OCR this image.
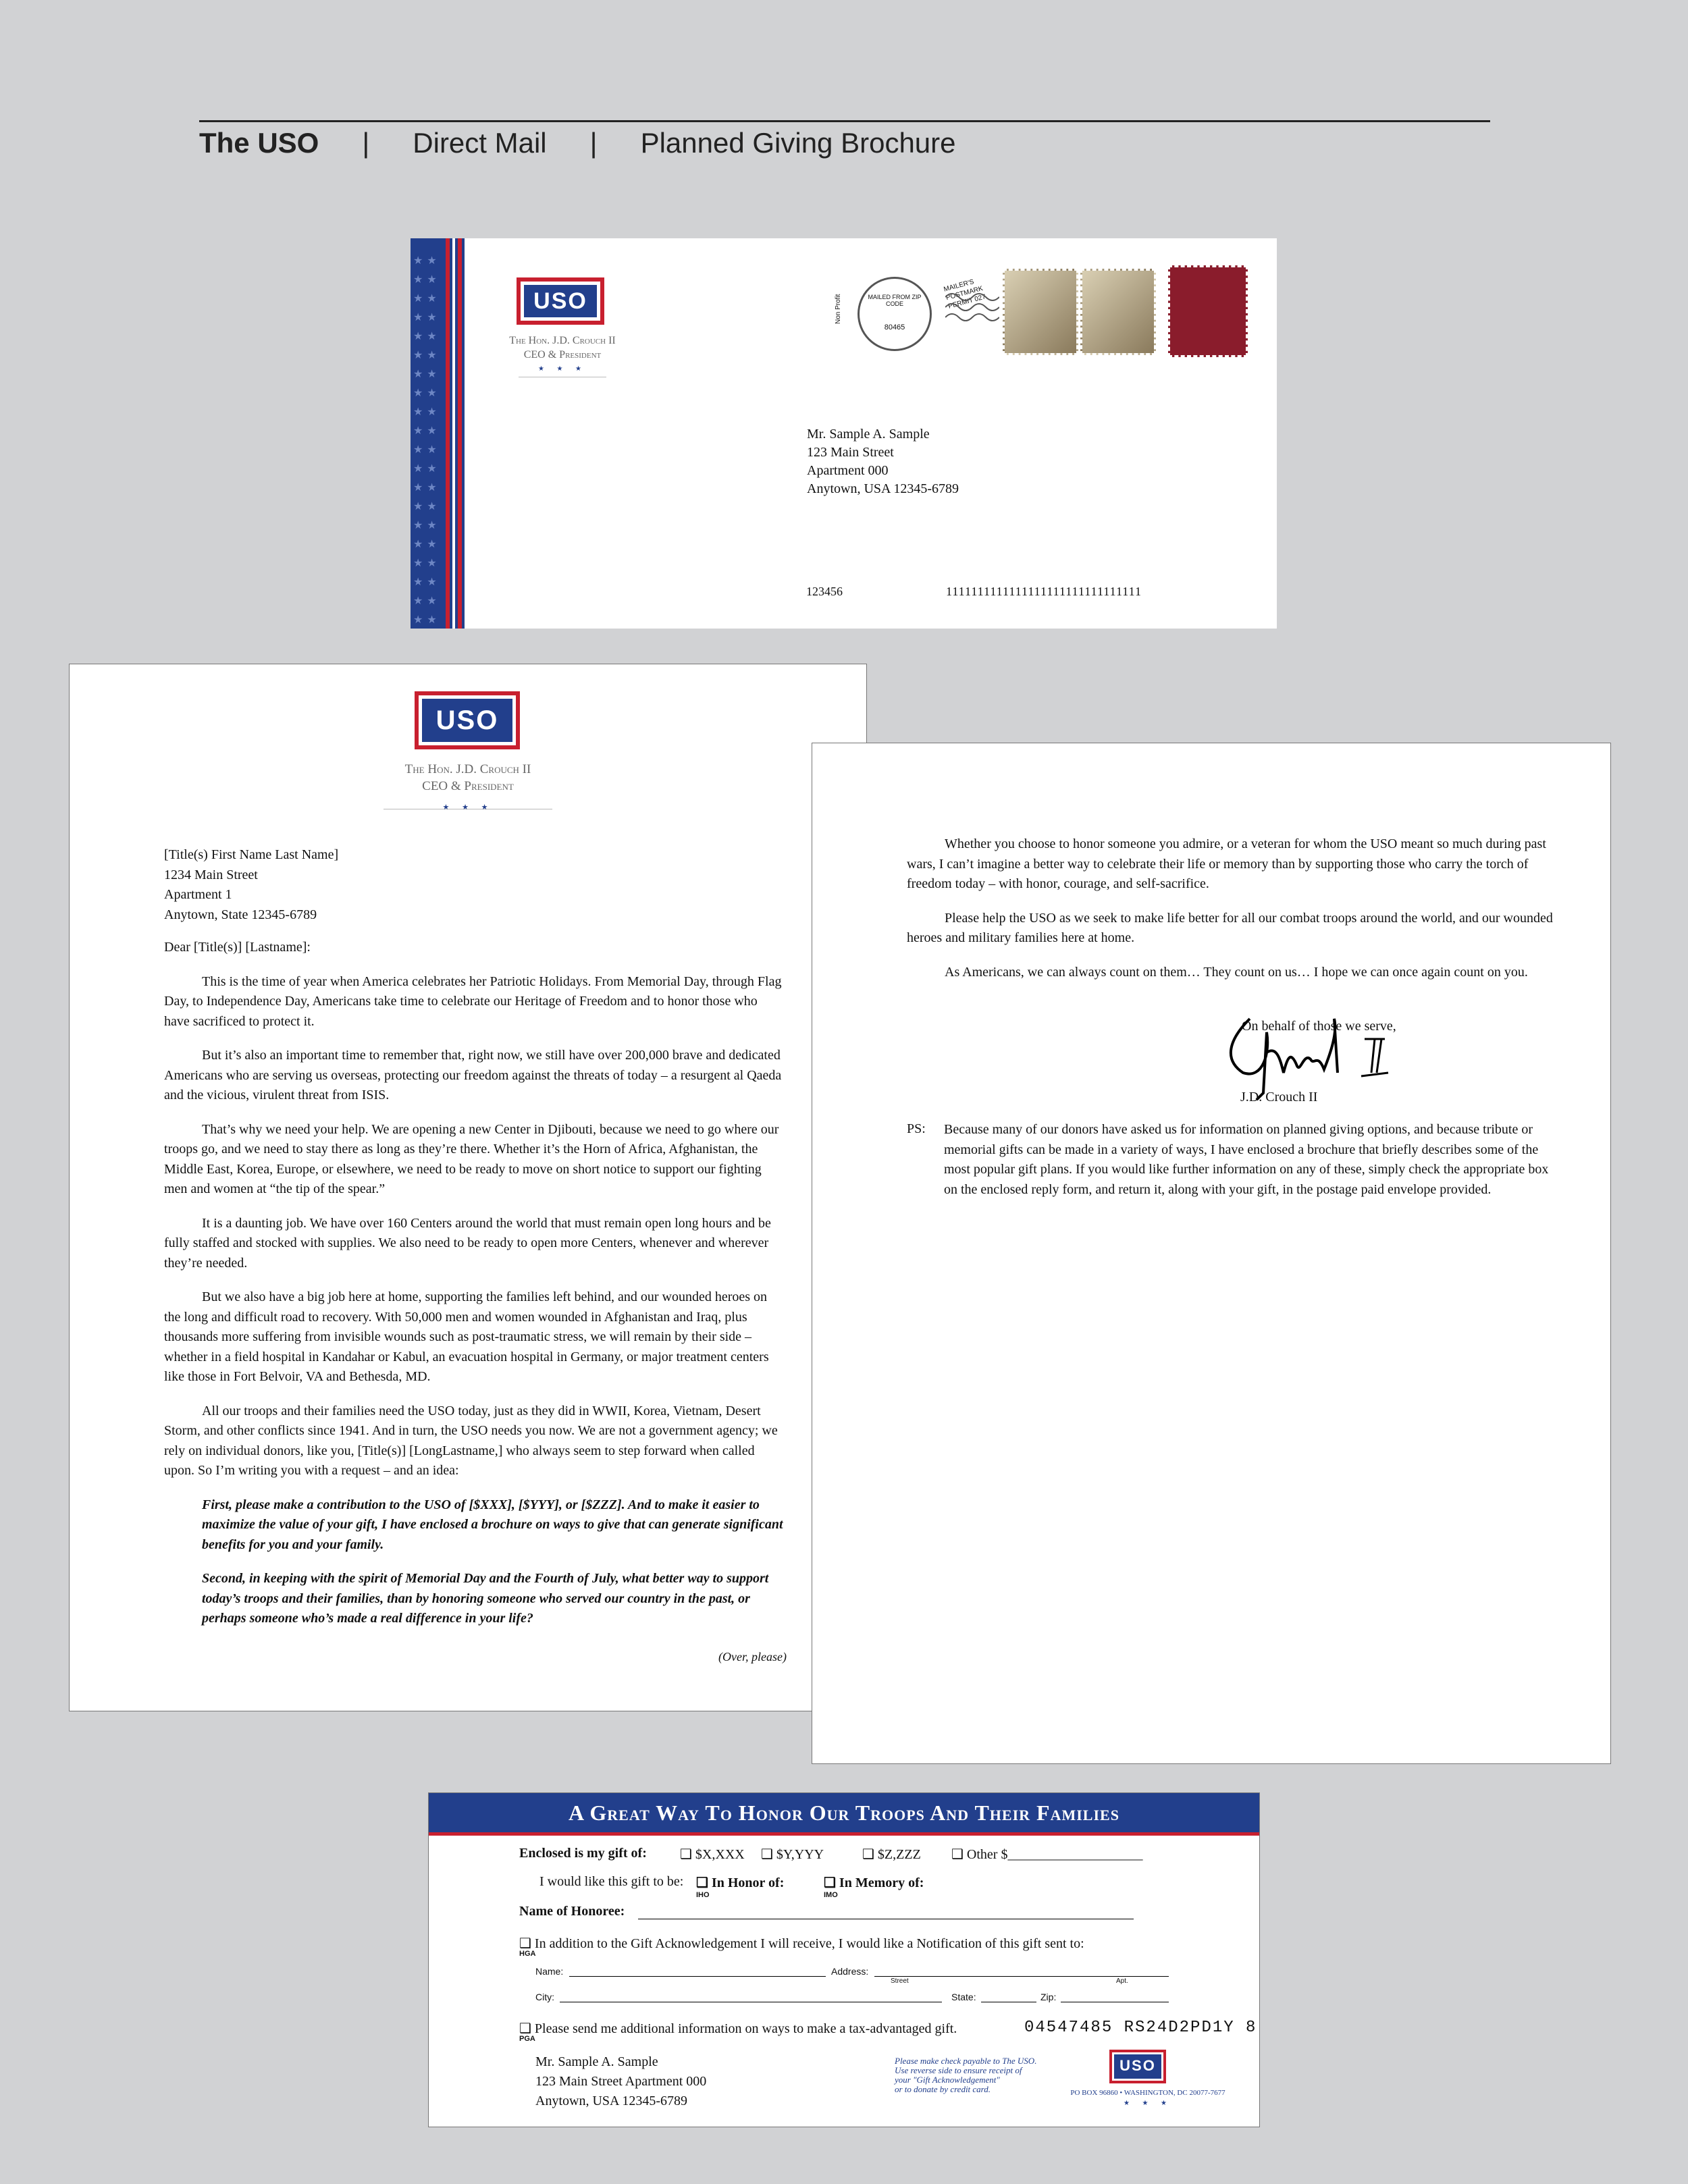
The USO | Direct Mail | Planned Giving Brochure
★★★★★★★★★★★★★★★★★★★★★★★★★★★★★★★★★★★★★★★★
USO
The Hon. J.D. Crouch II
CEO & President
★ ★ ★
Mr. Sample A. Sample
123 Main Street
Apartment 000
Anytown, USA 12345-6789
123456	1111111111111111111111111111111
MAILED FROM ZIP CODE
80465
Non Profit
MAILER'S POSTMARK PERMIT 027
USO
The Hon. J.D. Crouch II
CEO & President
★ ★ ★
[Title(s) First Name Last Name]
1234 Main Street
Apartment 1
Anytown, State 12345-6789

Dear [Title(s)] [Lastname]:

This is the time of year when America celebrates her Patriotic Holidays. From Memorial Day, through Flag Day, to Independence Day, Americans take time to celebrate our Heritage of Freedom and to honor those who have sacrificed to protect it.

But it’s also an important time to remember that, right now, we still have over 200,000 brave and dedicated Americans who are serving us overseas, protecting our freedom against the threats of today – a resurgent al Qaeda and the vicious, virulent threat from ISIS.

That’s why we need your help. We are opening a new Center in Djibouti, because we need to go where our troops go, and we need to stay there as long as they’re there. Whether it’s the Horn of Africa, Afghanistan, the Middle East, Korea, Europe, or elsewhere, we need to be ready to move on short notice to support our fighting men and women at “the tip of the spear.”

It is a daunting job. We have over 160 Centers around the world that must remain open long hours and be fully staffed and stocked with supplies. We also need to be ready to open more Centers, whenever and wherever they’re needed.

But we also have a big job here at home, supporting the families left behind, and our wounded heroes on the long and difficult road to recovery. With 50,000 men and women wounded in Afghanistan and Iraq, plus thousands more suffering from invisible wounds such as post-traumatic stress, we will remain by their side – whether in a field hospital in Kandahar or Kabul, an evacuation hospital in Germany, or major treatment centers like those in Fort Belvoir, VA and Bethesda, MD.

All our troops and their families need the USO today, just as they did in WWII, Korea, Vietnam, Desert Storm, and other conflicts since 1941. And in turn, the USO needs you now. We are not a government agency; we rely on individual donors, like you, [Title(s)] [LongLastname,] who always seem to step forward when called upon. So I’m writing you with a request – and an idea:

First, please make a contribution to the USO of [$XXX], [$YYY], or [$ZZZ]. And to make it easier to maximize the value of your gift, I have enclosed a brochure on ways to give that can generate significant benefits for you and your family.

Second, in keeping with the spirit of Memorial Day and the Fourth of July, what better way to support today’s troops and their families, than by honoring someone who served our country in the past, or perhaps someone who’s made a real difference in your life?

(Over, please)

Whether you choose to honor someone you admire, or a veteran for whom the USO meant so much during past wars, I can’t imagine a better way to celebrate their life or memory than by supporting those who carry the torch of freedom today – with honor, courage, and self-sacrifice.

Please help the USO as we seek to make life better for all our combat troops around the world, and our wounded heroes and military families here at home.

As Americans, we can always count on them… They count on us… I hope we can once again count on you.

On behalf of those we serve,
J.D. Crouch II
PS: Because many of our donors have asked us for information on planned giving options, and because tribute or memorial gifts can be made in a variety of ways, I have enclosed a brochure that briefly describes some of the most popular gift plans. If you would like further information on any of these, simply check the appropriate box on the enclosed reply form, and return it, along with your gift, in the postage paid envelope provided.
A Great Way To Honor Our Troops And Their Families
Enclosed is my gift of: ❑ $X,XXX ❑ $Y,YYY	❑ $Z,ZZZ ❑ Other $____________________
I would like this gift to be: ❑ In Honor of:
IHO
❑ In Memory of:
IMO
Name of Honoree:
❑ In addition to the Gift Acknowledgement I will receive, I would like a Notification of this gift sent to:
HGA
Name:	Address:
Street	Apt.
City:	State:	Zip:
❑ Please send me additional information on ways to make a tax-advantaged gift.
PGA
04547485 RS24D2PD1Y 8
Mr. Sample A. Sample
123 Main Street Apartment 000
Anytown, USA 12345-6789
Please make check payable to The USO.
Use reverse side to ensure receipt of
your "Gift Acknowledgement"
or to donate by credit card.
USO
PO BOX 96860 • WASHINGTON, DC 20077-7677
★ ★ ★
